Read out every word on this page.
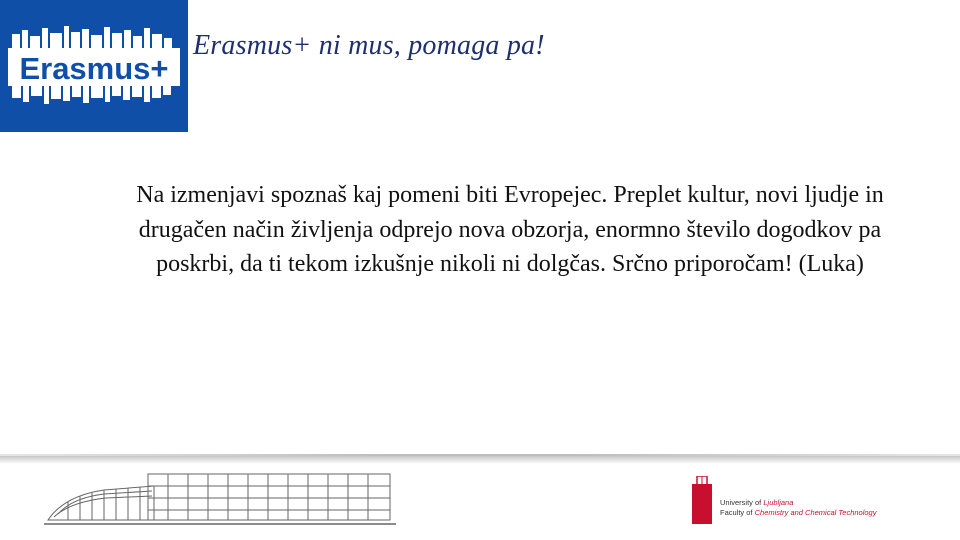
Erasmus+
Erasmus+ ni mus, pomaga pa!
Na izmenjavi spoznaš kaj pomeni biti Evropejec. Preplet kultur, novi ljudje in drugačen način življenja odprejo nova obzorja, enormno število dogodkov pa poskrbi, da ti tekom izkušnje nikoli ni dolgčas. Srčno priporočam! (Luka)
University of Ljubljana
Faculty of Chemistry and Chemical Technology
